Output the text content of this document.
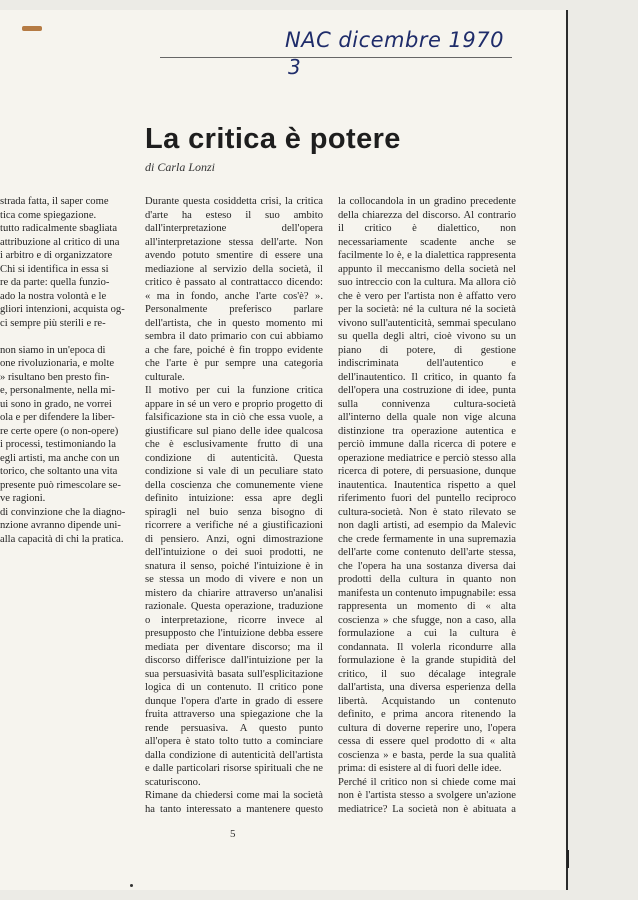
NAC dicembre 1970
3
La critica è potere
di Carla Lonzi

strada fatta, il saper come

tica come spiegazione.

tutto radicalmente sbagliata

attribuzione al critico di una

i arbitro e di organizzatore

Chi si identifica in essa si

re da parte: quella funzio-

ado la nostra volontà e le

gliori intenzioni, acquista og-

ci sempre più sterili e re-

non siamo in un'epoca di

one rivoluzionaria, e molte

» risultano ben presto fin-

e, personalmente, nella mi-

ui sono in grado, ne vorrei

ola e per difendere la liber-

re certe opere (o non-opere)

i processi, testimoniando la

egli artisti, ma anche con un

torico, che soltanto una vita

presente può rimescolare se-

ve ragioni.

di convinzione che la diagno-

nzione avranno dipende uni-

alla capacità di chi la pratica.

Durante questa cosiddetta crisi, la critica d'arte ha esteso il suo ambito dall'interpretazione dell'opera all'interpretazione stessa dell'arte. Non avendo potuto smentire di essere una mediazione al servizio della società, il critico è passato al contrattacco dicendo: « ma in fondo, anche l'arte cos'è? ». Personalmente preferisco parlare dell'artista, che in questo momento mi sembra il dato primario con cui abbiamo a che fare, poiché è fin troppo evidente che l'arte è pur sempre una categoria culturale.

Il motivo per cui la funzione critica appare in sé un vero e proprio progetto di falsificazione sta in ciò che essa vuole, a giustificare sul piano delle idee qualcosa che è esclusivamente frutto di una condizione di autenticità. Questa condizione si vale di un peculiare stato della coscienza che comunemente viene definito intuizione: essa apre degli spiragli nel buio senza bisogno di ricorrere a verifiche né a giustificazioni di pensiero. Anzi, ogni dimostrazione dell'intuizione o dei suoi prodotti, ne snatura il senso, poiché l'intuizione è in se stessa un modo di vivere e non un mistero da chiarire attraverso un'analisi razionale. Questa operazione, traduzione o interpretazione, ricorre invece al presupposto che l'intuizione debba essere mediata per diventare discorso; ma il discorso differisce dall'intuizione per la sua persuasività basata sull'esplicitazione logica di un contenuto. Il critico pone dunque l'opera d'arte in grado di essere fruita attraverso una spiegazione che la rende persuasiva. A questo punto all'opera è stato tolto tutto a cominciare dalla condizione di autenticità dell'artista e dalle particolari risorse spirituali che ne scaturiscono.

Rimane da chiedersi come mai la società ha tanto interessato a mantenere questo

la collocandola in un gradino precedente della chiarezza del discorso. Al contrario il critico è dialettico, non necessariamente scadente anche se facilmente lo è, e la dialettica rappresenta appunto il meccanismo della società nel suo intreccio con la cultura. Ma allora ciò che è vero per l'artista non è affatto vero per la società: né la cultura né la società vivono sull'autenticità, semmai speculano su quella degli altri, cioè vivono su un piano di potere, di gestione indiscriminata dell'autentico e dell'inautentico. Il critico, in quanto fa dell'opera una costruzione di idee, punta sulla connivenza cultura-società all'interno della quale non vige alcuna distinzione tra operazione autentica e perciò immune dalla ricerca di potere e operazione mediatrice e perciò stesso alla ricerca di potere, di persuasione, dunque inautentica. Inautentica rispetto a quel riferimento fuori del puntello reciproco cultura-società. Non è stato rilevato se non dagli artisti, ad esempio da Malevic che crede fermamente in una supremazia dell'arte come contenuto dell'arte stessa, che l'opera ha una sostanza diversa dai prodotti della cultura in quanto non manifesta un contenuto impugnabile: essa rappresenta un momento di « alta coscienza » che sfugge, non a caso, alla formulazione a cui la cultura è condannata. Il volerla ricondurre alla formulazione è la grande stupidità del critico, il suo décalage integrale dall'artista, una diversa esperienza della libertà. Acquistando un contenuto definito, e prima ancora ritenendo la cultura di doverne reperire uno, l'opera cessa di essere quel prodotto di « alta coscienza » e basta, perde la sua qualità prima: di esistere al di fuori delle idee.

Perché il critico non si chiede come mai non è l'artista stesso a svolgere un'azione mediatrice? La società non è abituata a

5
